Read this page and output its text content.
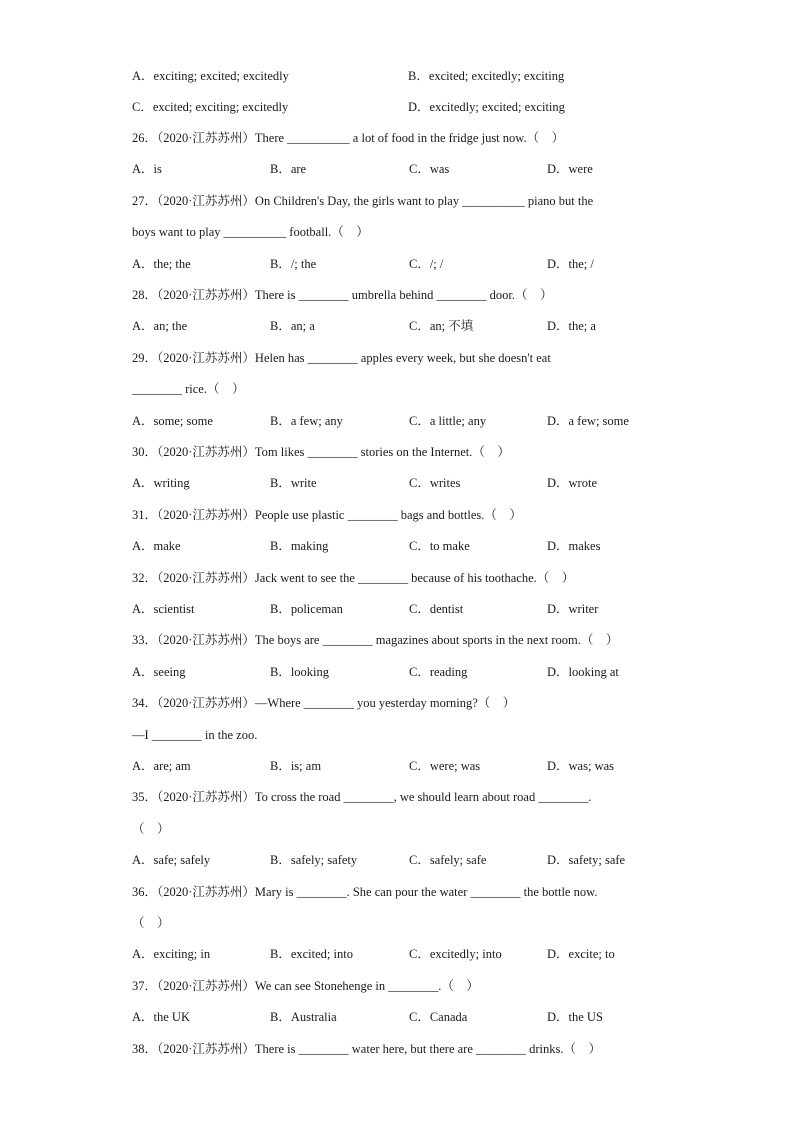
A．exciting; excited; excitedly	B．excited; excitedly; exciting
C．excited; exciting; excitedly	D．excitedly; excited; exciting
26．（2020·江苏苏州）There __________ a lot of food in the fridge just now.（　）
A．is	B．are	C．was	D．were
27．（2020·江苏苏州）On Children's Day, the girls want to play __________ piano but the
boys want to play __________ football.（　）
A．the; the	B．/; the	C．/; /	D．the; /
28．（2020·江苏苏州）There is ________ umbrella behind ________ door.（　）
A．an; the	B．an; a	C．an; 不填	D．the; a
29．（2020·江苏苏州）Helen has ________ apples every week, but she doesn't eat
________ rice.（　）
A．some; some	B．a few; any	C．a little; any	D．a few; some
30．（2020·江苏苏州）Tom likes ________ stories on the Internet.（　）
A．writing	B．write	C．writes	D．wrote
31．（2020·江苏苏州）People use plastic ________ bags and bottles.（　）
A．make	B．making	C．to make	D．makes
32．（2020·江苏苏州）Jack went to see the ________ because of his toothache.（　）
A．scientist	B．policeman	C．dentist	D．writer
33．（2020·江苏苏州）The boys are ________ magazines about sports in the next room.（　）
A．seeing	B．looking	C．reading	D．looking at
34．（2020·江苏苏州）—Where ________ you yesterday morning?（　）
—I ________ in the zoo.
A．are; am	B．is; am	C．were; was	D．was; was
35．（2020·江苏苏州）To cross the road ________, we should learn about road ________.
（　）
A．safe; safely	B．safely; safety	C．safely; safe	D．safety; safe
36．（2020·江苏苏州）Mary is ________. She can pour the water ________ the bottle now.
（　）
A．exciting; in	B．excited; into	C．excitedly; into	D．excite; to
37．（2020·江苏苏州）We can see Stonehenge in ________.（　）
A．the UK	B．Australia	C．Canada	D．the US
38．（2020·江苏苏州）There is ________ water here, but there are ________ drinks.（　）
